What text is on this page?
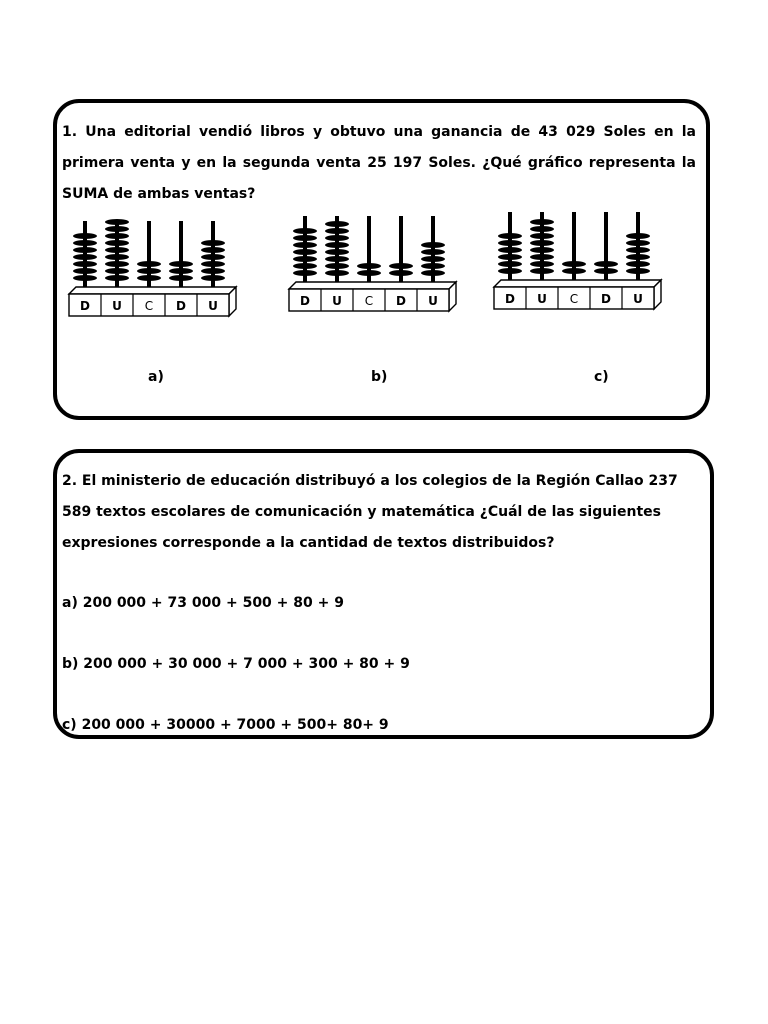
1. Una editorial vendió libros y obtuvo una ganancia de 43 029 Soles en la primera venta y en la segunda venta 25 197 Soles. ¿Qué gráfico representa la SUMA de ambas ventas?

D U C D U	D U C D U	D U C D U
a)	b)	c)

2. El ministerio de educación distribuyó a los colegios de la Región Callao 237

589 textos escolares de comunicación y matemática ¿Cuál de las siguientes

expresiones corresponde a la cantidad de textos distribuidos?

a) 200 000 + 73 000 + 500 + 80 + 9

b) 200 000 + 30 000 + 7 000 + 300 + 80 + 9

c) 200 000 + 30000 + 7000 + 500+ 80+ 9
